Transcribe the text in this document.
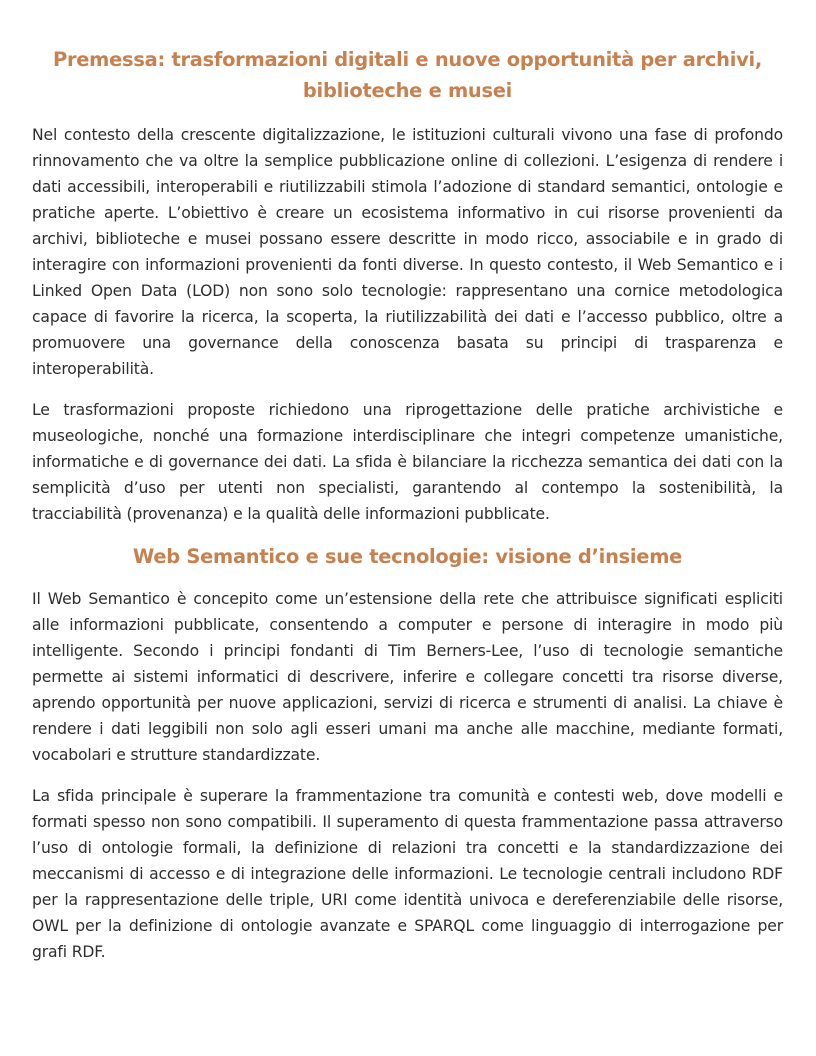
Premessa: trasformazioni digitali e nuove opportunità per archivi, biblioteche e musei

Nel contesto della crescente digitalizzazione, le istituzioni culturali vivono una fase di profondo rinnovamento che va oltre la semplice pubblicazione online di collezioni. L’esigenza di rendere i dati accessibili, interoperabili e riutilizzabili stimola l’adozione di standard semantici, ontologie e pratiche aperte. L’obiettivo è creare un ecosistema informativo in cui risorse provenienti da archivi, biblioteche e musei possano essere descritte in modo ricco, associabile e in grado di interagire con informazioni provenienti da fonti diverse. In questo contesto, il Web Semantico e i Linked Open Data (LOD) non sono solo tecnologie: rappresentano una cornice metodologica capace di favorire la ricerca, la scoperta, la riutilizzabilità dei dati e l’accesso pubblico, oltre a promuovere una governance della conoscenza basata su principi di trasparenza e interoperabilità.

Le trasformazioni proposte richiedono una riprogettazione delle pratiche archivistiche e museologiche, nonché una formazione interdisciplinare che integri competenze umanistiche, informatiche e di governance dei dati. La sfida è bilanciare la ricchezza semantica dei dati con la semplicità d’uso per utenti non specialisti, garantendo al contempo la sostenibilità, la tracciabilità (provenanza) e la qualità delle informazioni pubblicate.

Web Semantico e sue tecnologie: visione d’insieme

Il Web Semantico è concepito come un’estensione della rete che attribuisce significati espliciti alle informazioni pubblicate, consentendo a computer e persone di interagire in modo più intelligente. Secondo i principi fondanti di Tim Berners-Lee, l’uso di tecnologie semantiche permette ai sistemi informatici di descrivere, inferire e collegare concetti tra risorse diverse, aprendo opportunità per nuove applicazioni, servizi di ricerca e strumenti di analisi. La chiave è rendere i dati leggibili non solo agli esseri umani ma anche alle macchine, mediante formati, vocabolari e strutture standardizzate.

La sfida principale è superare la frammentazione tra comunità e contesti web, dove modelli e formati spesso non sono compatibili. Il superamento di questa frammentazione passa attraverso l’uso di ontologie formali, la definizione di relazioni tra concetti e la standardizzazione dei meccanismi di accesso e di integrazione delle informazioni. Le tecnologie centrali includono RDF per la rappresentazione delle triple, URI come identità univoca e dereferenziabile delle risorse, OWL per la definizione di ontologie avanzate e SPARQL come linguaggio di interrogazione per grafi RDF.
